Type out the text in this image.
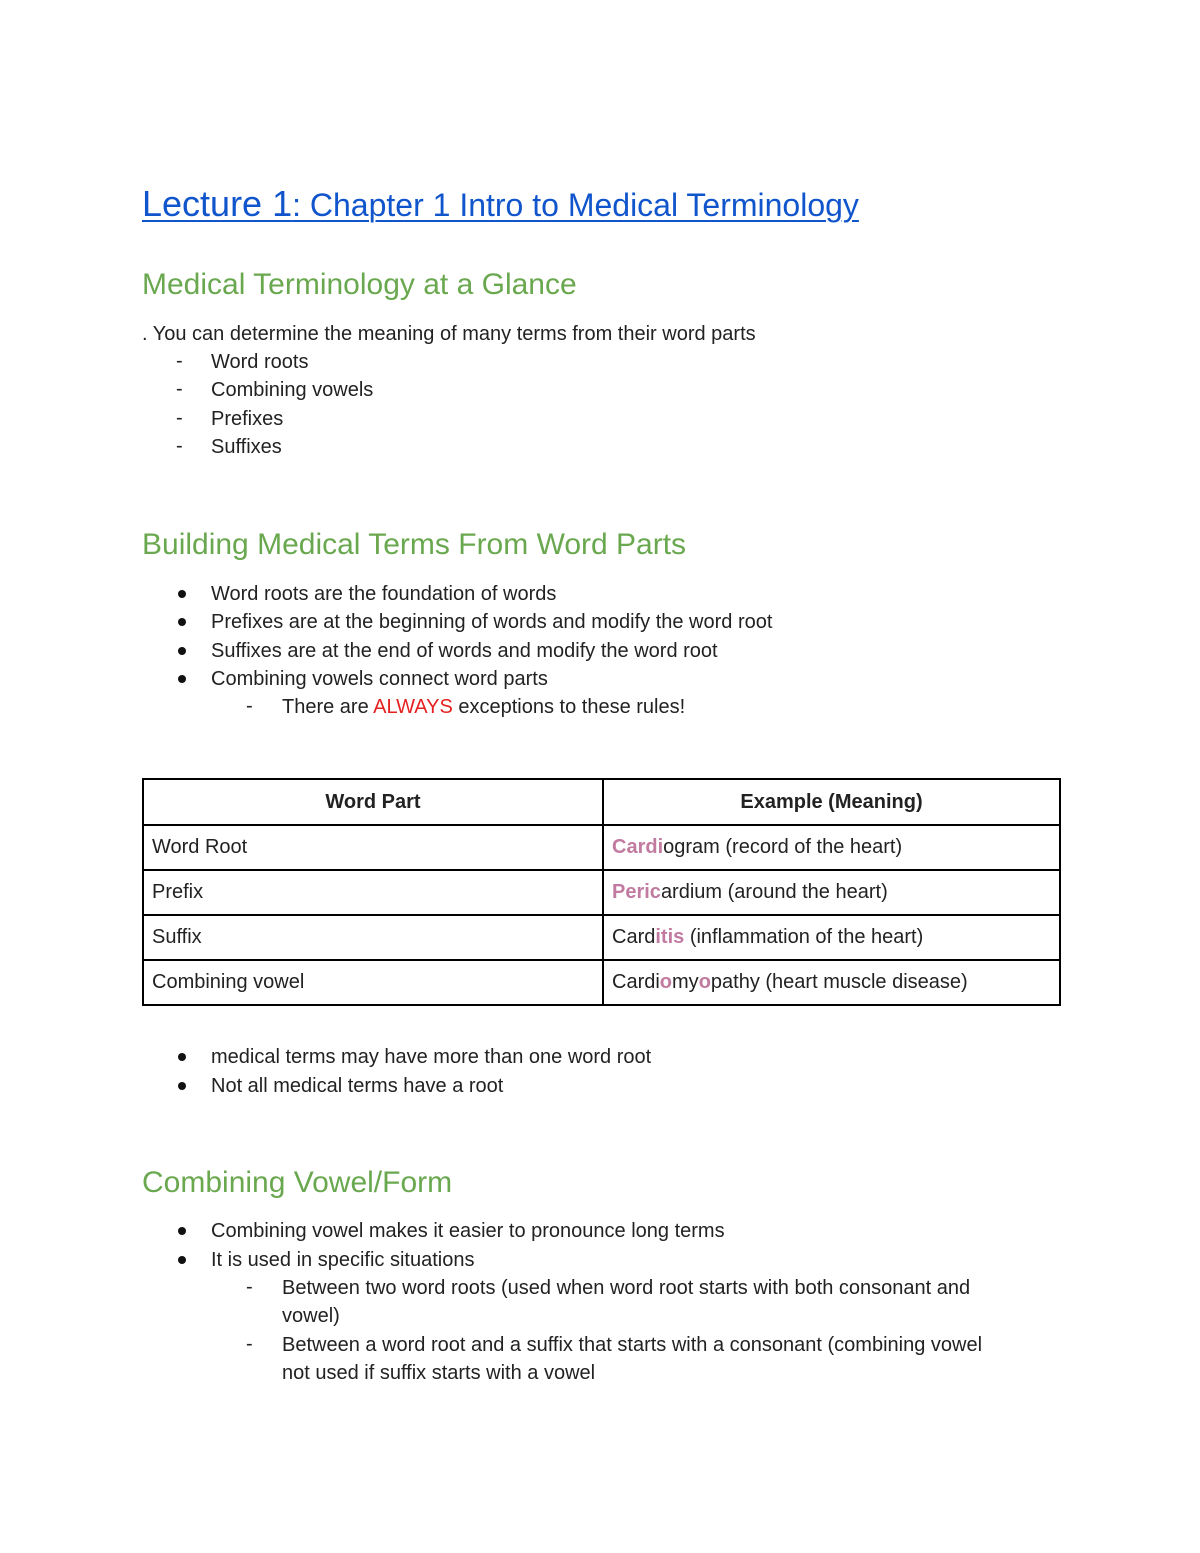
Lecture 1: Chapter 1 Intro to Medical Terminology
Medical Terminology at a Glance
. You can determine the meaning of many terms from their word parts
- Word roots
- Combining vowels
- Prefixes
- Suffixes
Building Medical Terms From Word Parts
Word roots are the foundation of words
Prefixes are at the beginning of words and modify the word root
Suffixes are at the end of words and modify the word root
Combining vowels connect word parts
- There are ALWAYS exceptions to these rules!
Word Part	Example (Meaning)
Word Root	Cardiogram (record of the heart)
Prefix	Pericardium (around the heart)
Suffix	Carditis (inflammation of the heart)
Combining vowel	Cardiomyopathy (heart muscle disease)
medical terms may have more than one word root
Not all medical terms have a root
Combining Vowel/Form
Combining vowel makes it easier to pronounce long terms
It is used in specific situations
- Between two word roots (used when word root starts with both consonant and
vowel)
- Between a word root and a suffix that starts with a consonant (combining vowel
not used if suffix starts with a vowel
